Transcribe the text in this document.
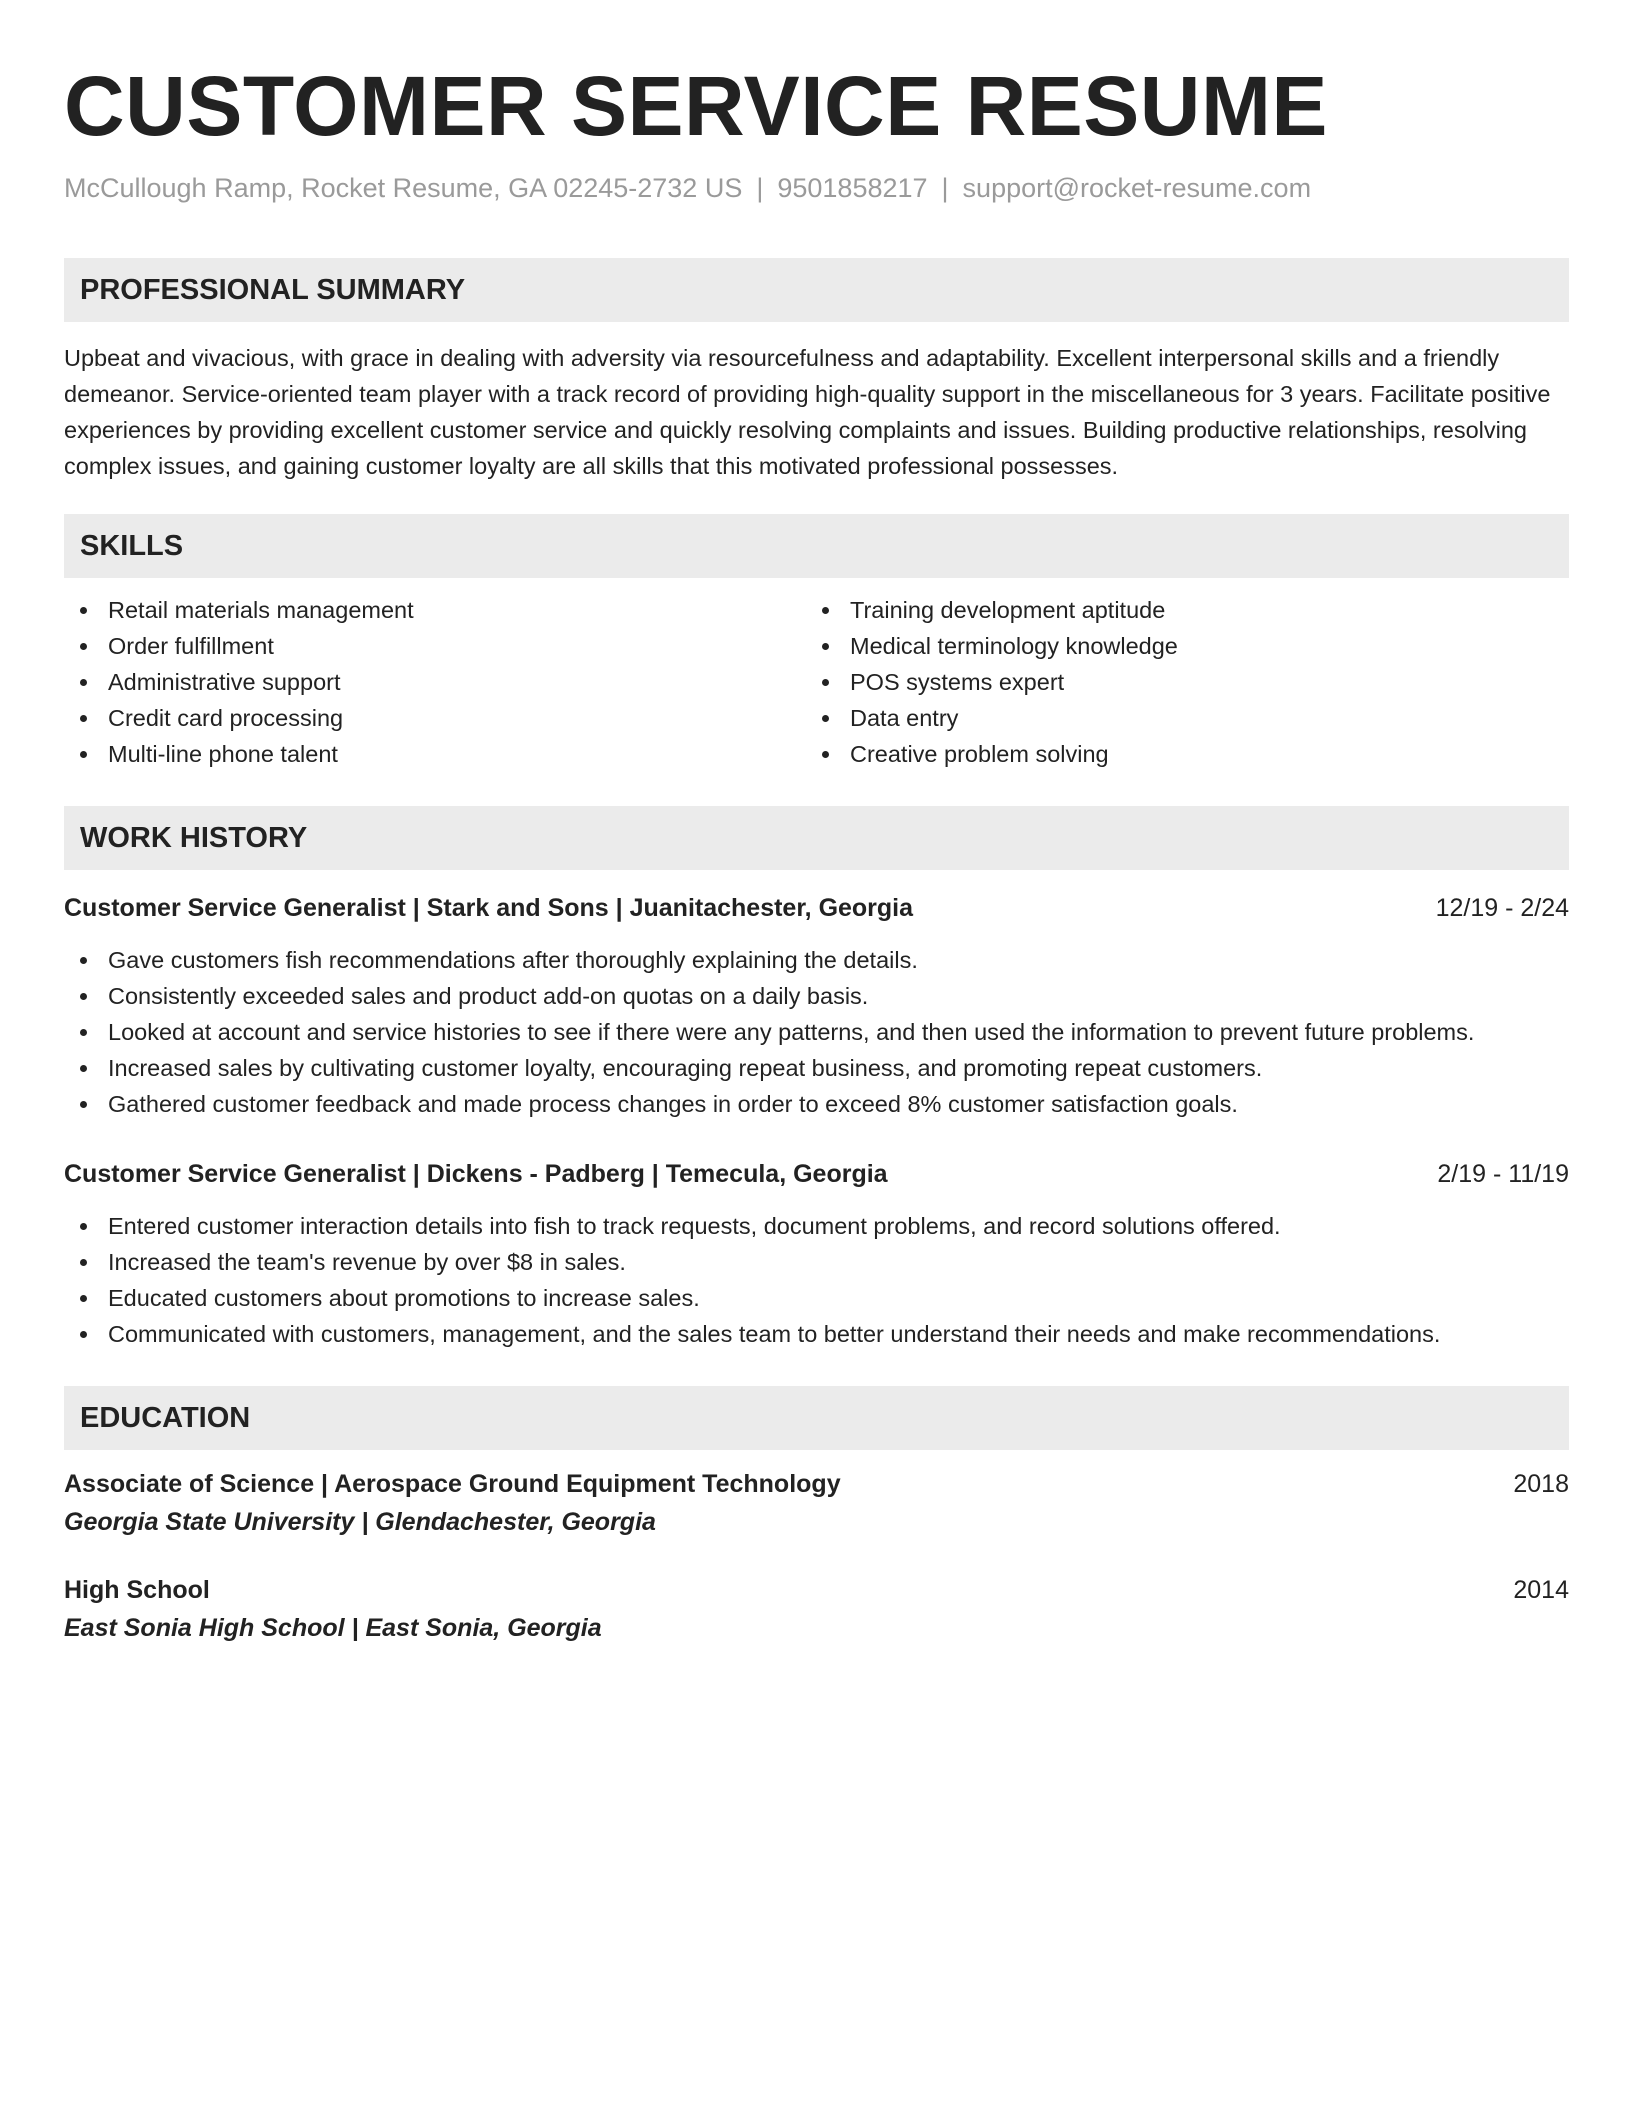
CUSTOMER SERVICE RESUME
McCullough Ramp, Rocket Resume, GA 02245-2732 US | 9501858217 | support@rocket-resume.com
PROFESSIONAL SUMMARY

Upbeat and vivacious, with grace in dealing with adversity via resourcefulness and adaptability. Excellent interpersonal skills and a friendly demeanor. Service-oriented team player with a track record of providing high-quality support in the miscellaneous for 3 years. Facilitate positive experiences by providing excellent customer service and quickly resolving complaints and issues. Building productive relationships, resolving complex issues, and gaining customer loyalty are all skills that this motivated professional possesses.

SKILLS
Retail materials management
Order fulfillment
Administrative support
Credit card processing
Multi-line phone talent
Training development aptitude
Medical terminology knowledge
POS systems expert
Data entry
Creative problem solving
WORK HISTORY
Customer Service Generalist | Stark and Sons | Juanitachester, Georgia	12/19 - 2/24
Gave customers fish recommendations after thoroughly explaining the details.
Consistently exceeded sales and product add-on quotas on a daily basis.
Looked at account and service histories to see if there were any patterns, and then used the information to prevent future problems.
Increased sales by cultivating customer loyalty, encouraging repeat business, and promoting repeat customers.
Gathered customer feedback and made process changes in order to exceed 8% customer satisfaction goals.
Customer Service Generalist | Dickens - Padberg | Temecula, Georgia	2/19 - 11/19
Entered customer interaction details into fish to track requests, document problems, and record solutions offered.
Increased the team's revenue by over $8 in sales.
Educated customers about promotions to increase sales.
Communicated with customers, management, and the sales team to better understand their needs and make recommendations.
EDUCATION
Associate of Science | Aerospace Ground Equipment Technology	2018
Georgia State University | Glendachester, Georgia
High School	2014
East Sonia High School | East Sonia, Georgia
